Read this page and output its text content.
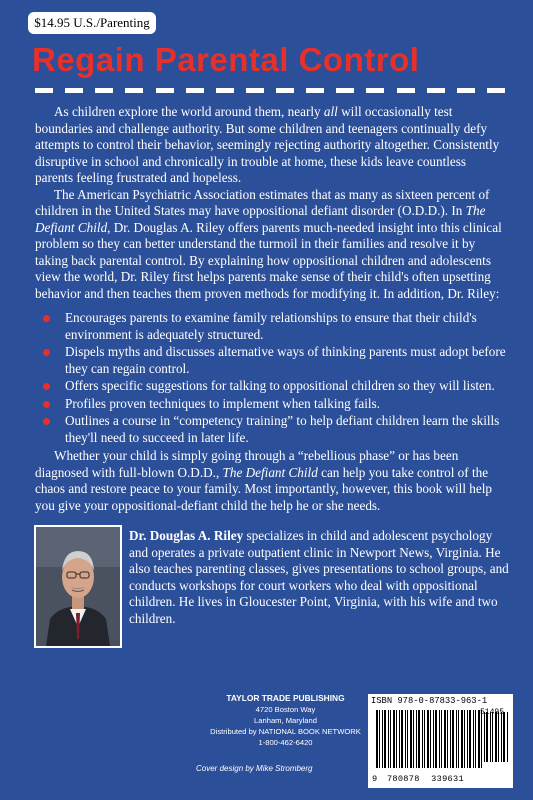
$14.95 U.S./Parenting
Regain Parental Control

As children explore the world around them, nearly all will occasionally test boundaries and challenge authority. But some children and teenagers continually defy attempts to control their behavior, seemingly rejecting authority altogether. Consistently disruptive in school and chronically in trouble at home, these kids leave countless parents feeling frustrated and hopeless.

The American Psychiatric Association estimates that as many as sixteen percent of children in the United States may have oppositional defiant disorder (O.D.D.). In The Defiant Child, Dr. Douglas A. Riley offers parents much-needed insight into this clinical problem so they can better understand the turmoil in their families and resolve it by taking back parental control. By explaining how oppositional children and adolescents view the world, Dr. Riley first helps parents make sense of their child's often upsetting behavior and then teaches them proven methods for modifying it. In addition, Dr. Riley:

Encourages parents to examine family relationships to ensure that their child's environment is adequately structured.
Dispels myths and discusses alternative ways of thinking parents must adopt before they can regain control.
Offers specific suggestions for talking to oppositional children so they will listen.
Profiles proven techniques to implement when talking fails.
Outlines a course in “competency training” to help defiant children learn the skills they'll need to succeed in later life.

Whether your child is simply going through a “rebellious phase” or has been diagnosed with full-blown O.D.D., The Defiant Child can help you take control of the chaos and restore peace to your family. Most importantly, however, this book will help you give your oppositional-defiant child the help he or she needs.

Dr. Douglas A. Riley specializes in child and adolescent psychology and operates a private outpatient clinic in Newport News, Virginia. He also teaches parenting classes, gives presentations to school groups, and conducts workshops for court workers who deal with oppositional children. He lives in Gloucester Point, Virginia, with his wife and two children.

TAYLOR TRADE PUBLISHING
4720 Boston Way
Lanham, Maryland
Distributed by NATIONAL BOOK NETWORK
1-800-462-6420
Cover design by Mike Stromberg
ISBN 978-0-87833-963-1
51495
9 780878 339631
